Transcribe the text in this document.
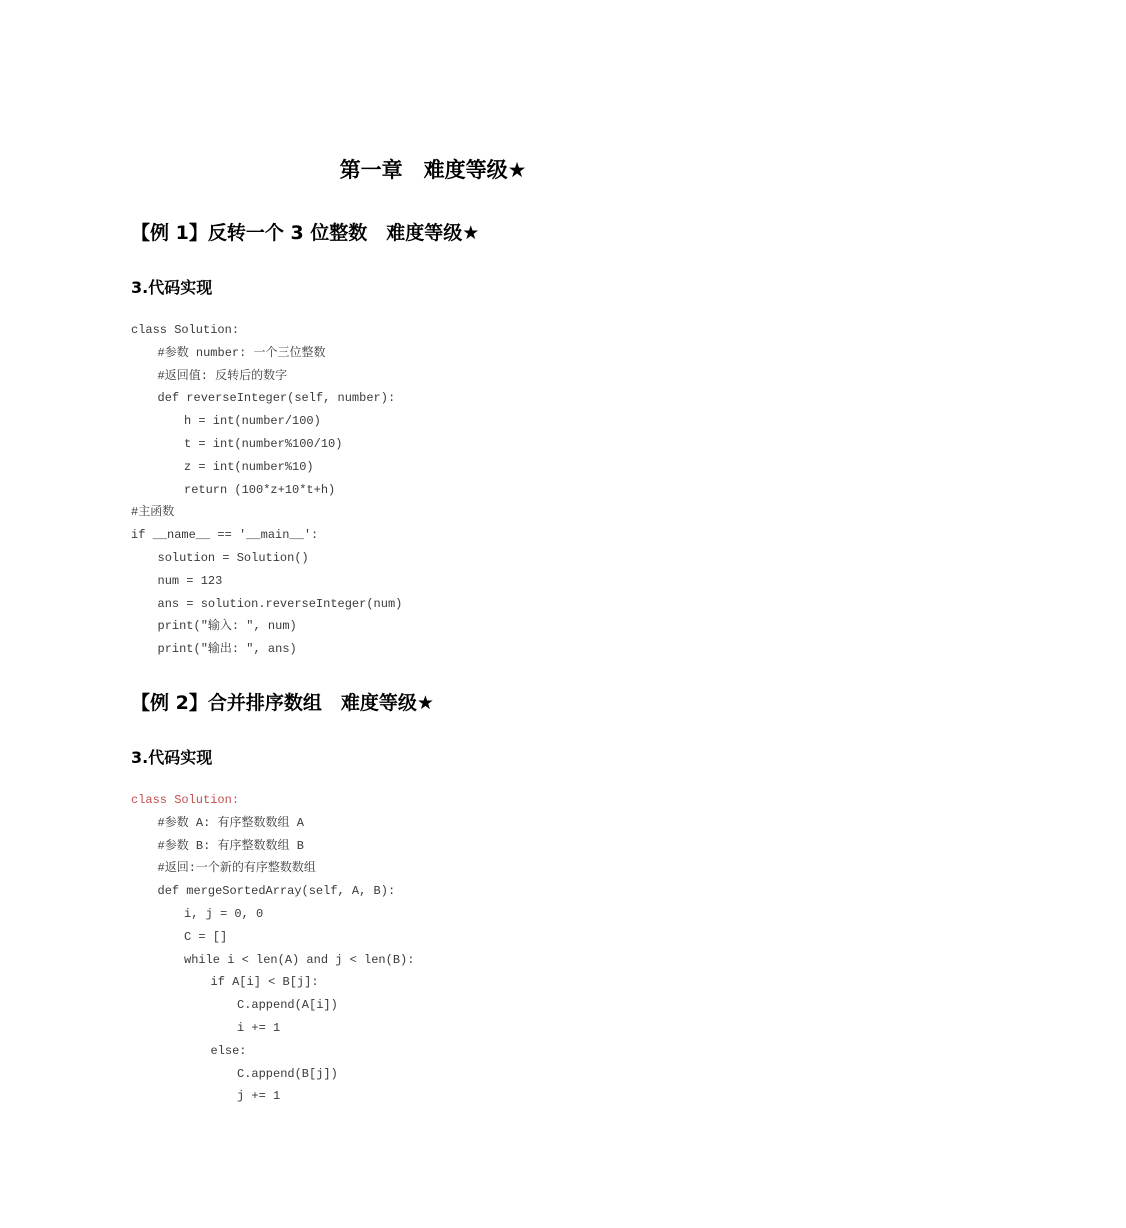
第一章　难度等级★
【例 1】反转一个 3 位整数　难度等级★
3.代码实现
class Solution:
#参数 number: 一个三位整数
#返回值: 反转后的数字
def reverseInteger(self, number):
h = int(number/100)
t = int(number%100/10)
z = int(number%10)
return (100*z+10*t+h)
#主函数
if __name__ == '__main__':
solution = Solution()
num = 123
ans = solution.reverseInteger(num)
print("输入: ", num)
print("输出: ", ans)
【例 2】合并排序数组　难度等级★
3.代码实现
class Solution:
#参数 A: 有序整数数组 A
#参数 B: 有序整数数组 B
#返回:一个新的有序整数数组
def mergeSortedArray(self, A, B):
i, j = 0, 0
C = []
while i < len(A) and j < len(B):
if A[i] < B[j]:
C.append(A[i])
i += 1
else:
C.append(B[j])
j += 1
